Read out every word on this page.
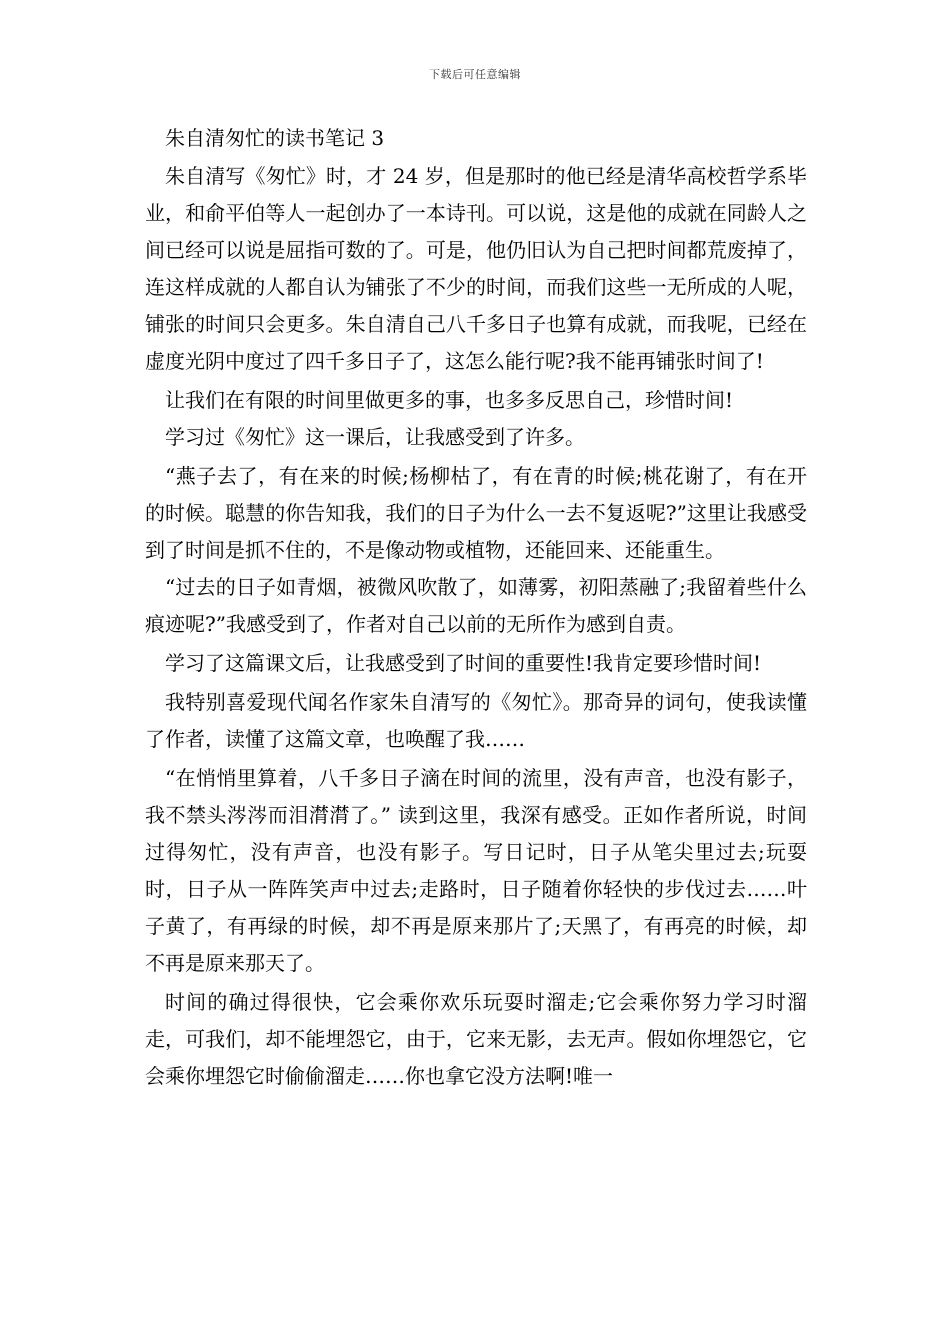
下载后可任意编辑
朱自清匆忙的读书笔记 3

朱自清写《匆忙》时，才 24 岁，但是那时的他已经是清华高校哲学系毕业，和俞平伯等人一起创办了一本诗刊。可以说，这是他的成就在同龄人之间已经可以说是屈指可数的了。可是，他仍旧认为自己把时间都荒废掉了，连这样成就的人都自认为铺张了不少的时间，而我们这些一无所成的人呢，铺张的时间只会更多。朱自清自己八千多日子也算有成就，而我呢，已经在虚度光阴中度过了四千多日子了，这怎么能行呢?我不能再铺张时间了!

让我们在有限的时间里做更多的事，也多多反思自己，珍惜时间!

学习过《匆忙》这一课后，让我感受到了许多。

“燕子去了，有在来的时候;杨柳枯了，有在青的时候;桃花谢了，有在开的时候。聪慧的你告知我，我们的日子为什么一去不复返呢?”这里让我感受到了时间是抓不住的，不是像动物或植物，还能回来、还能重生。

“过去的日子如青烟，被微风吹散了，如薄雾，初阳蒸融了;我留着些什么痕迹呢?”我感受到了，作者对自己以前的无所作为感到自责。

学习了这篇课文后，让我感受到了时间的重要性!我肯定要珍惜时间!

我特别喜爱现代闻名作家朱自清写的《匆忙》。那奇异的词句，使我读懂了作者，读懂了这篇文章，也唤醒了我……

“在悄悄里算着，八千多日子滴在时间的流里，没有声音，也没有影子，我不禁头涔涔而泪潸潸了。” 读到这里，我深有感受。正如作者所说，时间过得匆忙，没有声音，也没有影子。写日记时，日子从笔尖里过去;玩耍时，日子从一阵阵笑声中过去;走路时，日子随着你轻快的步伐过去……叶子黄了，有再绿的时候，却不再是原来那片了;天黑了，有再亮的时候，却不再是原来那天了。

时间的确过得很快，它会乘你欢乐玩耍时溜走;它会乘你努力学习时溜走，可我们，却不能埋怨它，由于，它来无影，去无声。假如你埋怨它，它会乘你埋怨它时偷偷溜走……你也拿它没方法啊!唯一
